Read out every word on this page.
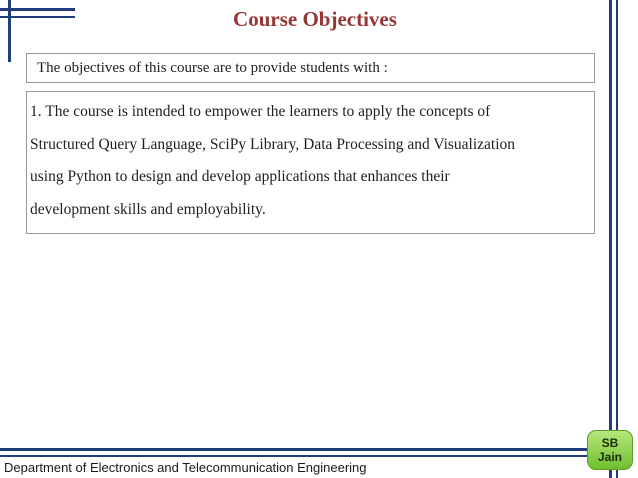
Course Objectives
The objectives of this course are to provide students with :
1. The course is intended to empower the learners to apply the concepts of
Structured Query Language, SciPy Library, Data Processing and Visualization
using Python to design and develop applications that enhances their
development skills and employability.
Department of Electronics and Telecommunication Engineering
SB
Jain
